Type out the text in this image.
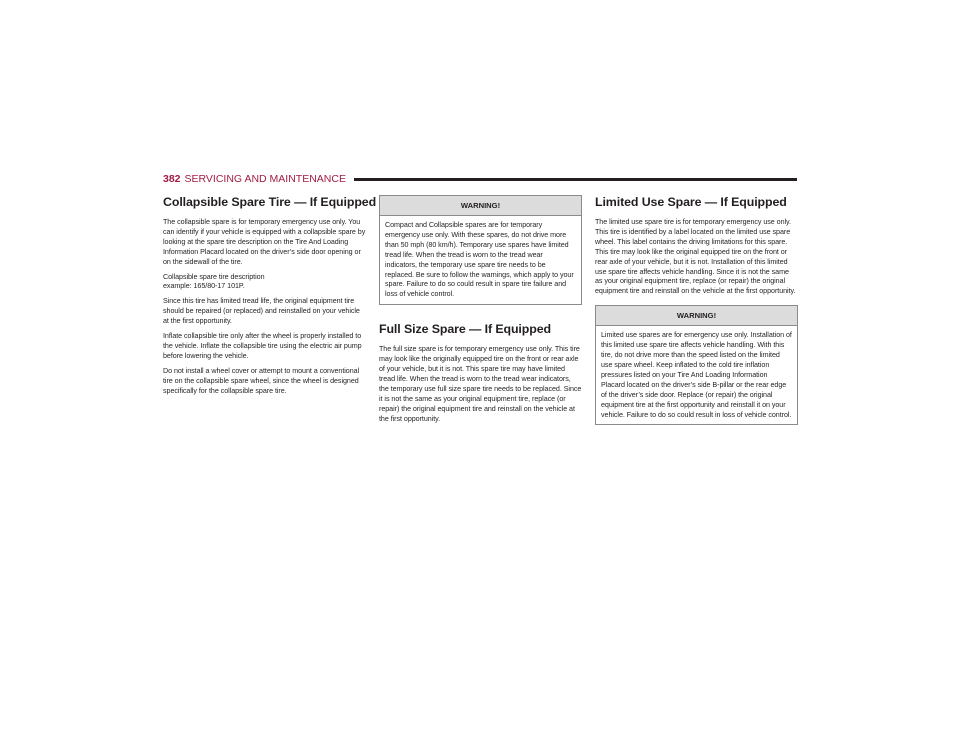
382 SERVICING AND MAINTENANCE
Collapsible Spare Tire — If Equipped

The collapsible spare is for temporary emergency use only. You can identify if your vehicle is equipped with a collapsible spare by looking at the spare tire description on the Tire And Loading Information Placard located on the driver’s side door opening or on the sidewall of the tire.

Collapsible spare tire description
example: 165/80-17 101P.

Since this tire has limited tread life, the original equipment tire should be repaired (or replaced) and reinstalled on your vehicle at the first opportunity.

Inflate collapsible tire only after the wheel is properly installed to the vehicle. Inflate the collapsible tire using the electric air pump before lowering the vehicle.

Do not install a wheel cover or attempt to mount a conventional tire on the collapsible spare wheel, since the wheel is designed specifically for the collapsible spare tire.

WARNING!
Compact and Collapsible spares are for temporary emergency use only. With these spares, do not drive more than 50 mph (80 km/h). Temporary use spares have limited tread life. When the tread is worn to the tread wear indicators, the temporary use spare tire needs to be replaced. Be sure to follow the warnings, which apply to your spare. Failure to do so could result in spare tire failure and loss of vehicle control.
Full Size Spare — If Equipped

The full size spare is for temporary emergency use only. This tire may look like the originally equipped tire on the front or rear axle of your vehicle, but it is not. This spare tire may have limited tread life. When the tread is worn to the tread wear indicators, the temporary use full size spare tire needs to be replaced. Since it is not the same as your original equipment tire, replace (or repair) the original equipment tire and reinstall on the vehicle at the first opportunity.

Limited Use Spare — If Equipped

The limited use spare tire is for temporary emergency use only. This tire is identified by a label located on the limited use spare wheel. This label contains the driving limitations for this spare. This tire may look like the original equipped tire on the front or rear axle of your vehicle, but it is not. Installation of this limited use spare tire affects vehicle handling. Since it is not the same as your original equipment tire, replace (or repair) the original equipment tire and reinstall on the vehicle at the first opportunity.

WARNING!
Limited use spares are for emergency use only. Installation of this limited use spare tire affects vehicle handling. With this tire, do not drive more than the speed listed on the limited use spare wheel. Keep inflated to the cold tire inflation pressures listed on your Tire And Loading Information Placard located on the driver’s side B-pillar or the rear edge of the driver’s side door. Replace (or repair) the original equipment tire at the first opportunity and reinstall it on your vehicle. Failure to do so could result in loss of vehicle control.
